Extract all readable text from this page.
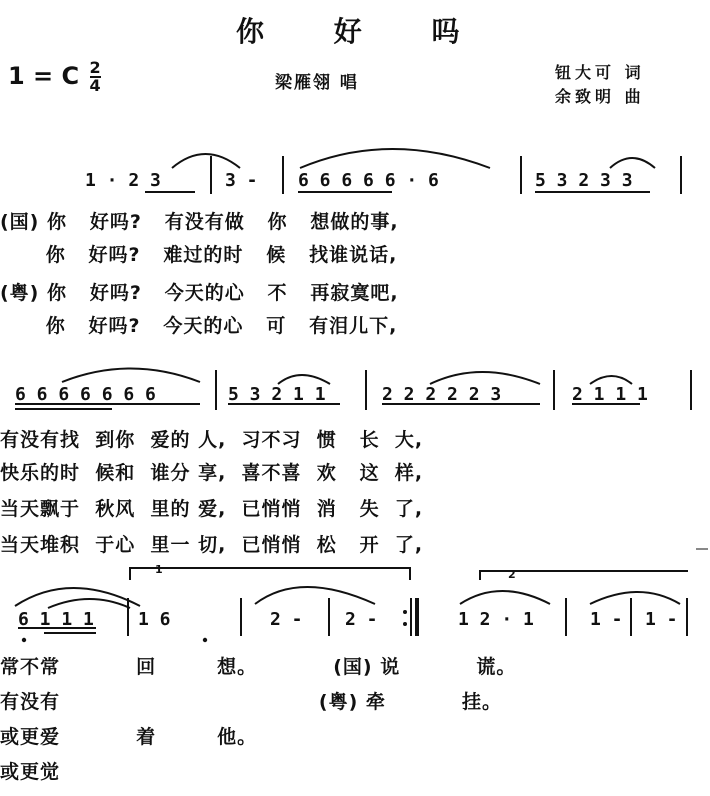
你 好 吗
1 = C $\frac{2}{4}$	梁雁翎 唱
钮大可 词
余致明 曲
1 · 2 3	3 - 6 6 6 6 6 · 6	5 3 2 3 3
(国) 你   好吗?   有没有做   你   想做的事,
你   好吗?   难过的时   候   找谁说话,
(粤) 你   好吗?   今天的心   不   再寂寞吧,
你   好吗?   今天的心   可   有泪儿下,
6 6 6 6 6 6 6	5 3 2 1 1	2 2 2 2 2 3	2 1 1 1
有没有找  到你  爱的 人,  习不习  惯   长  大,
快乐的时  候和  谁分 享,  喜不喜  欢   这  样,
当天飘于  秋风  里的 爱,  已悄悄  消   失  了,
当天堆积  于心  里一 切,  已悄悄  松   开  了,
1	2
6 1 1 1 1 6	2 - 2 -	1 2 · 1	1 - 1 -
常不常          回        想。          (国) 说          谎。
有没有                                  (粤) 牵          挂。
或更爱          着        他。
或更觉
